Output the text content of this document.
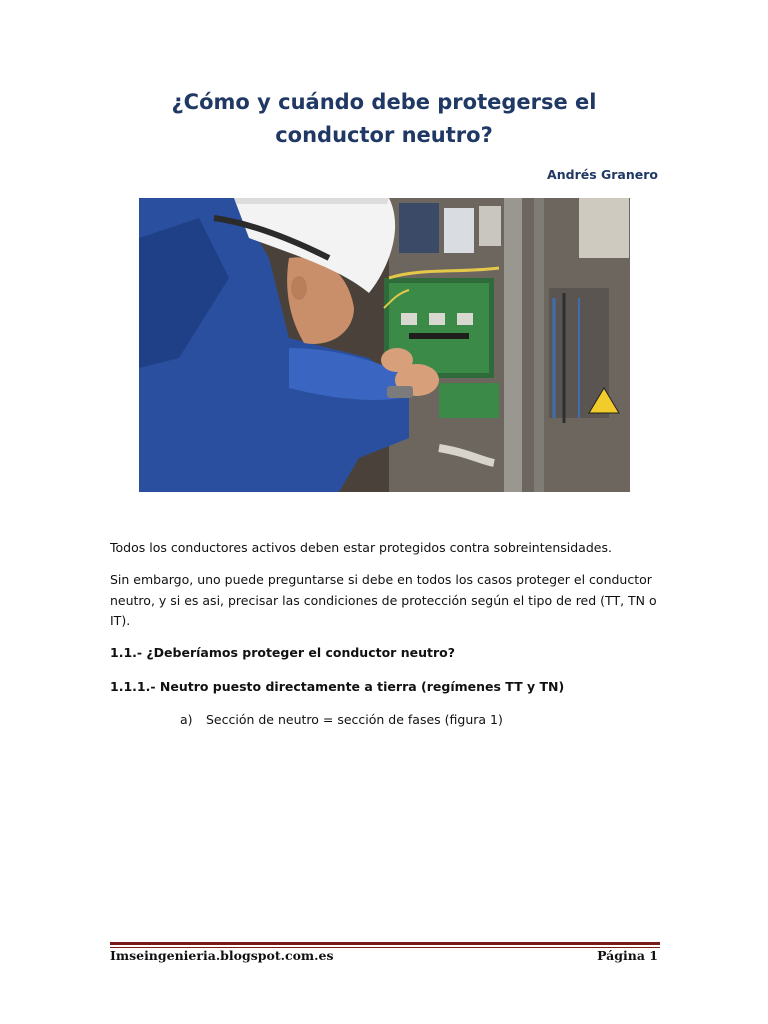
¿Cómo y cuándo debe protegerse el conductor neutro?
Andrés Granero
Todos los conductores activos deben estar protegidos contra sobreintensidades.
Sin embargo, uno puede preguntarse si debe en todos los casos proteger el conductor neutro, y si es asi, precisar las condiciones de protección según el tipo de red (TT, TN o IT).
1.1.- ¿Deberíamos proteger el conductor neutro?
1.1.1.- Neutro puesto directamente a tierra (regímenes TT y TN)
a) Sección de neutro = sección de fases (figura 1)
Imseingenieria.blogspot.com.es	Página 1
